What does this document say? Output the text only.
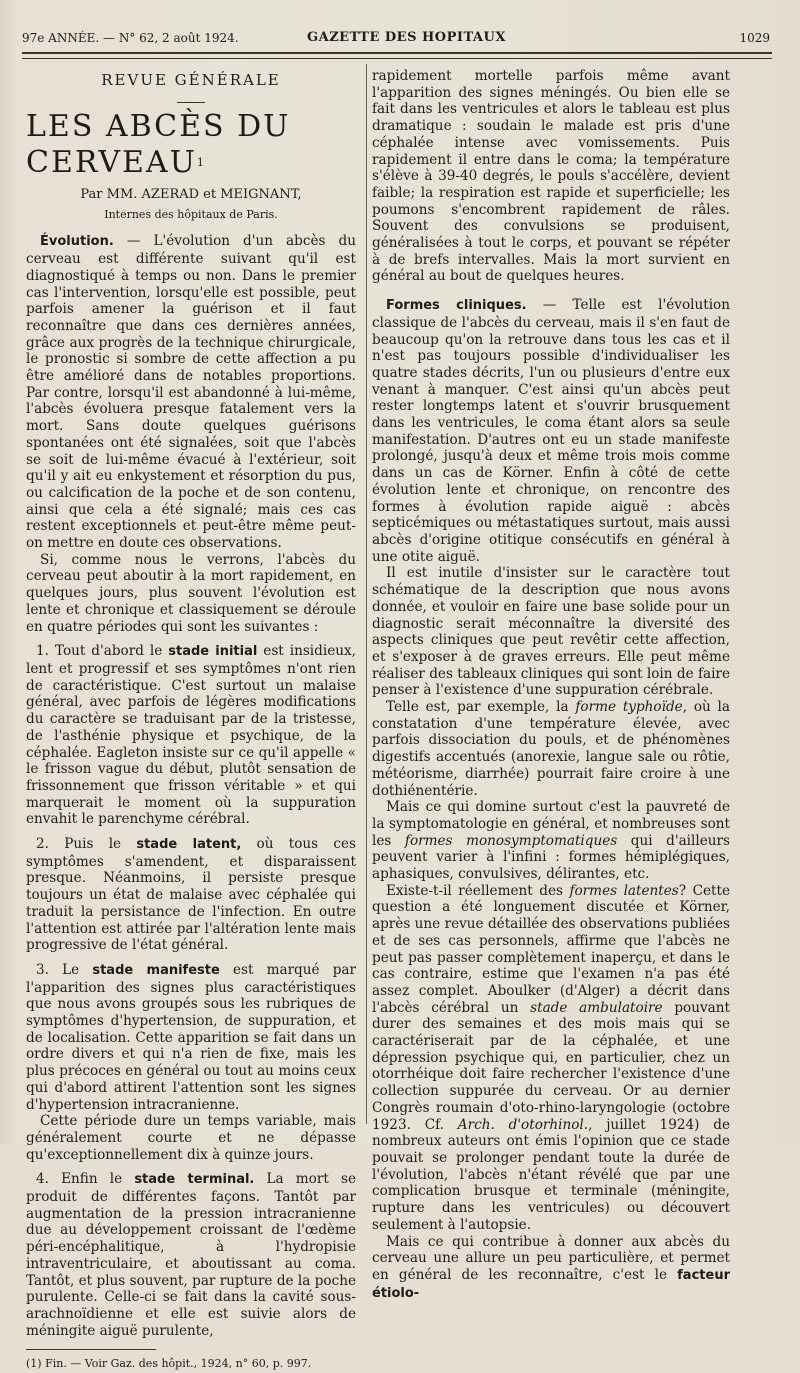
97e ANNÉE. — N° 62, 2 août 1924.	GAZETTE DES HOPITAUX	1029
REVUE GÉNÉRALE
LES ABCÈS DU CERVEAU$^1$
Par MM. AZERAD et MEIGNANT,
Internes des hôpitaux de Paris.

Évolution. — L'évolution d'un abcès du cerveau est différente suivant qu'il est diagnostiqué à temps ou non. Dans le premier cas l'intervention, lorsqu'elle est possible, peut parfois amener la guérison et il faut reconnaître que dans ces dernières années, grâce aux progrès de la technique chirurgicale, le pronostic si sombre de cette affection a pu être amélioré dans de notables proportions. Par contre, lorsqu'il est abandonné à lui-même, l'abcès évoluera presque fatalement vers la mort. Sans doute quelques guérisons spontanées ont été signalées, soit que l'abcès se soit de lui-même évacué à l'extérieur, soit qu'il y ait eu enkystement et résorption du pus, ou calcification de la poche et de son contenu, ainsi que cela a été signalé; mais ces cas restent exceptionnels et peut-être même peut-on mettre en doute ces observations.

Si, comme nous le verrons, l'abcès du cerveau peut aboutir à la mort rapidement, en quelques jours, plus souvent l'évolution est lente et chronique et classiquement se déroule en quatre périodes qui sont les suivantes :

1. Tout d'abord le stade initial est insidieux, lent et progressif et ses symptômes n'ont rien de caractéristique. C'est surtout un malaise général, avec parfois de légères modifications du caractère se traduisant par de la tristesse, de l'asthénie physique et psychique, de la céphalée. Eagleton insiste sur ce qu'il appelle « le frisson vague du début, plutôt sensation de frissonnement que frisson véritable » et qui marquerait le moment où la suppuration envahit le parenchyme cérébral.

2. Puis le stade latent, où tous ces symptômes s'amendent, et disparaissent presque. Néanmoins, il persiste presque toujours un état de malaise avec céphalée qui traduit la persistance de l'infection. En outre l'attention est attirée par l'altération lente mais progressive de l'état général.

3. Le stade manifeste est marqué par l'apparition des signes plus caractéristiques que nous avons groupés sous les rubriques de symptômes d'hypertension, de suppuration, et de localisation. Cette apparition se fait dans un ordre divers et qui n'a rien de fixe, mais les plus précoces en général ou tout au moins ceux qui d'abord attirent l'attention sont les signes d'hypertension intracranienne.

Cette période dure un temps variable, mais généralement courte et ne dépasse qu'exceptionnellement dix à quinze jours.

4. Enfin le stade terminal. La mort se produit de différentes façons. Tantôt par augmentation de la pression intracranienne due au développement croissant de l'œdème péri-encéphalitique, à l'hydropisie intraventriculaire, et aboutissant au coma. Tantôt, et plus souvent, par rupture de la poche purulente. Celle-ci se fait dans la cavité sous-arachnoïdienne et elle est suivie alors de méningite aiguë purulente,

(1) Fin. — Voir Gaz. des hôpit., 1924, n° 60, p. 997.

rapidement mortelle parfois même avant l'apparition des signes méningés. Ou bien elle se fait dans les ventricules et alors le tableau est plus dramatique : soudain le malade est pris d'une céphalée intense avec vomissements. Puis rapidement il entre dans le coma; la température s'élève à 39-40 degrés, le pouls s'accélère, devient faible; la respiration est rapide et superficielle; les poumons s'encombrent rapidement de râles. Souvent des convulsions se produisent, généralisées à tout le corps, et pouvant se répéter à de brefs intervalles. Mais la mort survient en général au bout de quelques heures.

Formes cliniques. — Telle est l'évolution classique de l'abcès du cerveau, mais il s'en faut de beaucoup qu'on la retrouve dans tous les cas et il n'est pas toujours possible d'individualiser les quatre stades décrits, l'un ou plusieurs d'entre eux venant à manquer. C'est ainsi qu'un abcès peut rester longtemps latent et s'ouvrir brusquement dans les ventricules, le coma étant alors sa seule manifestation. D'autres ont eu un stade manifeste prolongé, jusqu'à deux et même trois mois comme dans un cas de Körner. Enfin à côté de cette évolution lente et chronique, on rencontre des formes à évolution rapide aiguë : abcès septicémiques ou métastatiques surtout, mais aussi abcès d'origine otitique consécutifs en général à une otite aiguë.

Il est inutile d'insister sur le caractère tout schématique de la description que nous avons donnée, et vouloir en faire une base solide pour un diagnostic serait méconnaître la diversité des aspects cliniques que peut revêtir cette affection, et s'exposer à de graves erreurs. Elle peut même réaliser des tableaux cliniques qui sont loin de faire penser à l'existence d'une suppuration cérébrale.

Telle est, par exemple, la forme typhoïde, où la constatation d'une température élevée, avec parfois dissociation du pouls, et de phénomènes digestifs accentués (anorexie, langue sale ou rôtie, météorisme, diarrhée) pourrait faire croire à une dothiénentérie.

Mais ce qui domine surtout c'est la pauvreté de la symptomatologie en général, et nombreuses sont les formes monosymptomatiques qui d'ailleurs peuvent varier à l'infini : formes hémiplégiques, aphasiques, convulsives, délirantes, etc.

Existe-t-il réellement des formes latentes? Cette question a été longuement discutée et Körner, après une revue détaillée des observations publiées et de ses cas personnels, affirme que l'abcès ne peut pas passer complètement inaperçu, et dans le cas contraire, estime que l'examen n'a pas été assez complet. Aboulker (d'Alger) a décrit dans l'abcès cérébral un stade ambulatoire pouvant durer des semaines et des mois mais qui se caractériserait par de la céphalée, et une dépression psychique qui, en particulier, chez un otorrhéique doit faire rechercher l'existence d'une collection suppurée du cerveau. Or au dernier Congrès roumain d'oto-rhino-laryngologie (octobre 1923. Cf. Arch. d'otorhinol., juillet 1924) de nombreux auteurs ont émis l'opinion que ce stade pouvait se prolonger pendant toute la durée de l'évolution, l'abcès n'étant révélé que par une complication brusque et terminale (méningite, rupture dans les ventricules) ou découvert seulement à l'autopsie.

Mais ce qui contribue à donner aux abcès du cerveau une allure un peu particulière, et permet en général de les reconnaître, c'est le facteur étiolo-
